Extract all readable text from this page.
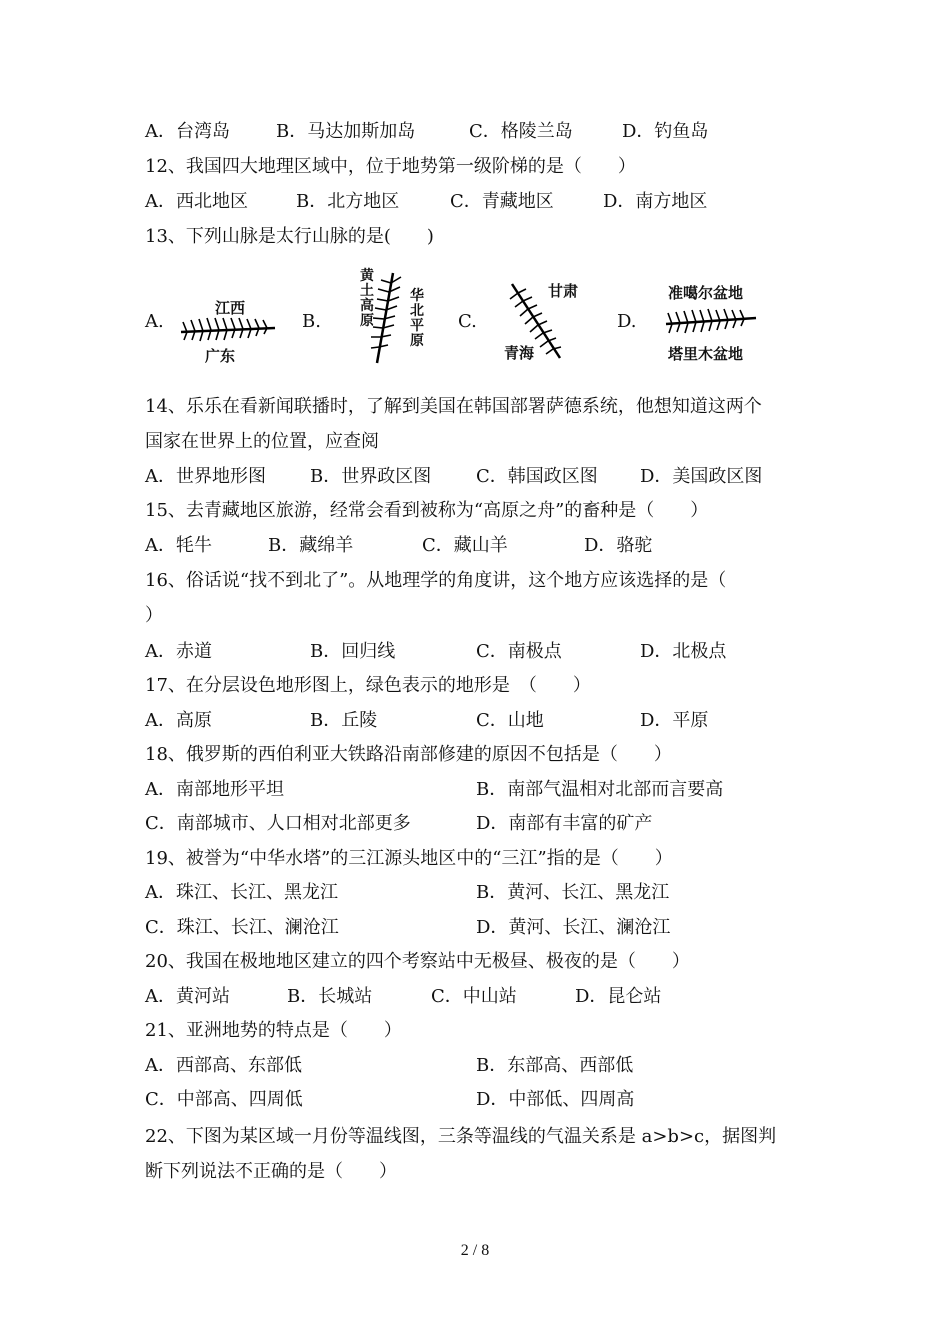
A．台湾岛	B．马达加斯加岛	C．格陵兰岛	D．钓鱼岛
12、我国四大地理区域中，位于地势第一级阶梯的是（　　）
A．西北地区	B．北方地区	C．青藏地区	D．南方地区
13、下列山脉是太行山脉的是(　　)
A.
江西
广东
B.
黄土高原
华北平原
C.
甘肃
青海
D.
准噶尔盆地
塔里木盆地
14、乐乐在看新闻联播时，了解到美国在韩国部署萨德系统，他想知道这两个
国家在世界上的位置，应查阅
A．世界地形图 B．世界政区图 C．韩国政区图 D．美国政区图
15、去青藏地区旅游，经常会看到被称为“高原之舟”的畜种是（　　）
A．牦牛	B．藏绵羊	C．藏山羊	D．骆驼
16、俗话说“找不到北了”。从地理学的角度讲，这个地方应该选择的是（
）
A．赤道	B．回归线	C．南极点	D．北极点
17、在分层设色地形图上，绿色表示的地形是　（　　）
A．高原	B．丘陵	C．山地	D．平原
18、俄罗斯的西伯利亚大铁路沿南部修建的原因不包括是（　　）
A．南部地形平坦	B．南部气温相对北部而言要高
C．南部城市、人口相对北部更多	D．南部有丰富的矿产
19、被誉为“中华水塔”的三江源头地区中的“三江”指的是（　　）
A．珠江、长江、黑龙江	B．黄河、长江、黑龙江
C．珠江、长江、澜沧江	D．黄河、长江、澜沧江
20、我国在极地地区建立的四个考察站中无极昼、极夜的是（　　）
A．黄河站	B．长城站	C．中山站	D．昆仑站
21、亚洲地势的特点是（　　）
A．西部高、东部低	B．东部高、西部低
C．中部高、四周低	D．中部低、四周高
22、下图为某区域一月份等温线图，三条等温线的气温关系是 a>b>c，据图判
断下列说法不正确的是（　　）
2 / 8
